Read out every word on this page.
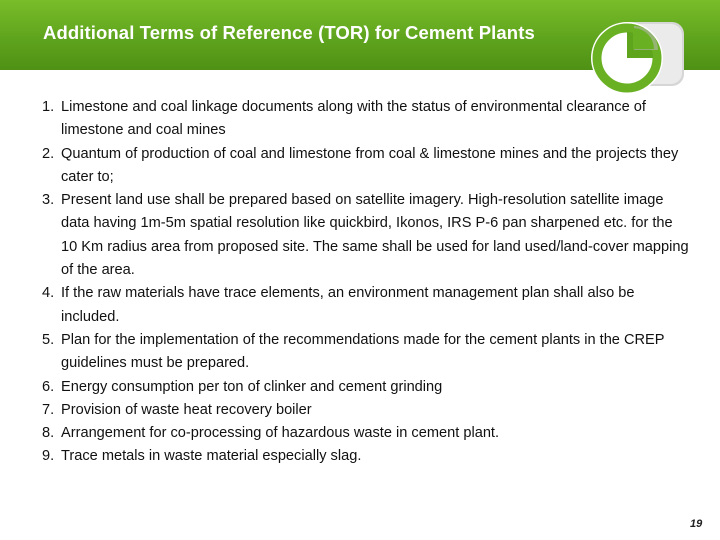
Additional Terms of Reference (TOR) for Cement Plants
1. Limestone and coal linkage documents along with the status of environmental clearance of limestone and coal mines
2. Quantum of production of coal and limestone from coal & limestone mines and the projects they cater to;
3. Present land use shall be prepared based on satellite imagery. High-resolution satellite image data having 1m-5m spatial resolution like quickbird, Ikonos, IRS P-6 pan sharpened etc. for the 10 Km radius area from proposed site. The same shall be used for land used/land-cover mapping of the area.
4. If the raw materials have trace elements, an environment management plan shall also be included.
5. Plan for the implementation of the recommendations made for the cement plants in the CREP guidelines must be prepared.
6. Energy consumption per ton of clinker and cement grinding
7. Provision of waste heat recovery boiler
8. Arrangement for co-processing of hazardous waste in cement plant.
9. Trace metals in waste material especially slag.
19
